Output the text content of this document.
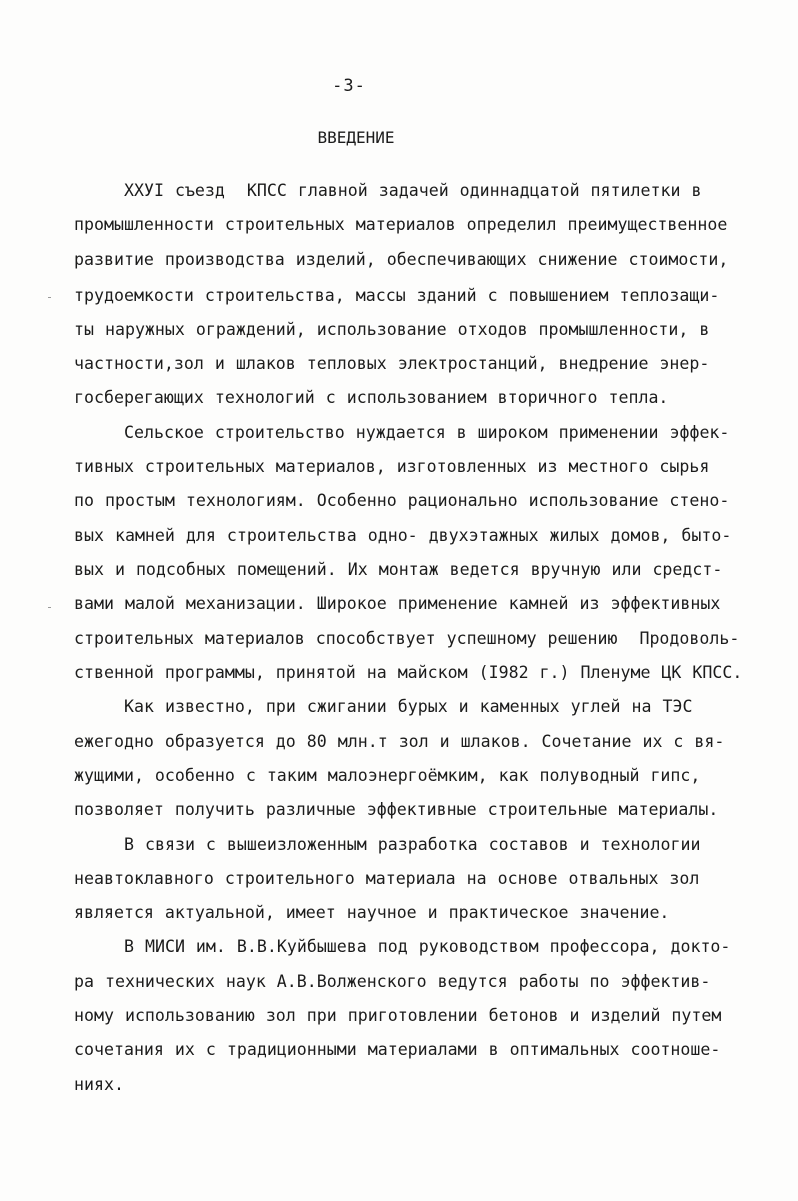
-3-
ВВЕДЕНИЕ
ХХУI съезд  КПСС главной задачей одиннадцатой пятилетки в
промышленности строительных материалов определил преимущественное
развитие производства изделий, обеспечивающих снижение стоимости,
трудоемкости строительства, массы зданий с повышением теплозащи-
ты наружных ограждений, использование отходов промышленности, в
частности,зол и шлаков тепловых электростанций, внедрение энер-
госберегающих технологий с использованием вторичного тепла.
Сельское строительство нуждается в широком применении эффек-
тивных строительных материалов, изготовленных из местного сырья
по простым технологиям. Особенно рационально использование стено-
вых камней для строительства одно- двухэтажных жилых домов, быто-
вых и подсобных помещений. Их монтаж ведется вручную или средст-
вами малой механизации. Широкое применение камней из эффективных
строительных материалов способствует успешному решению  Продоволь-
ственной программы, принятой на майском (I982 г.) Пленуме ЦК КПСС.
Как известно, при сжигании бурых и каменных углей на ТЭС
ежегодно образуется до 80 млн.т зол и шлаков. Сочетание их с вя-
жущими, особенно с таким малоэнергоёмким, как полуводный гипс,
позволяет получить различные эффективные строительные материалы.
В связи с вышеизложенным разработка составов и технологии
неавтоклавного строительного материала на основе отвальных зол
является актуальной, имеет научное и практическое значение.
В МИСИ им. В.В.Куйбышева под руководством профессора, доктo-
ра технических наук А.В.Волженского ведутся работы по эффектив-
ному использованию зол при приготовлении бетонов и изделий путем
сочетания их с традиционными материалами в оптимальных соотноше-
ниях.
